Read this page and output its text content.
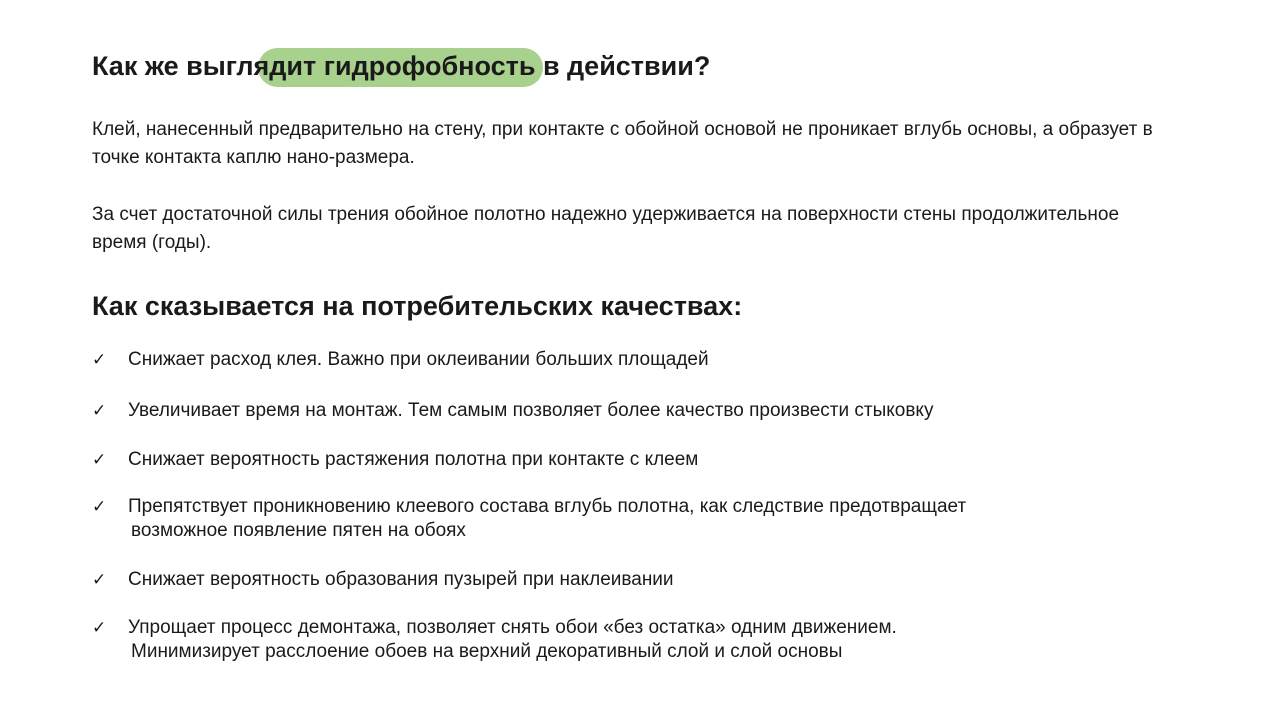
Как же выгляд
ит гидрофобность в действии?

Клей, нанесенный предварительно на стену, при контакте с обойной основой не проникает вглубь основы, а образует в точке контакта каплю нано-размера.

За счет достаточной силы трения обойное полотно надежно удерживается на поверхности стены продолжительное время (годы).

Как сказывается на потребительских качествах:
✓ Снижает расход клея. Важно при оклеивании больших площадей
✓ Увеличивает время на монтаж. Тем самым позволяет более качество произвести стыковку
✓ Снижает вероятность растяжения полотна при контакте с клеем
✓ Препятствует проникновению клеевого состава вглубь полотна, как следствие предотвращает
возможное появление пятен на обоях
✓ Снижает вероятность образования пузырей при наклеивании
✓ Упрощает процесс демонтажа, позволяет снять обои «без остатка» одним движением.
Минимизирует расслоение обоев на верхний декоративный слой и слой основы
